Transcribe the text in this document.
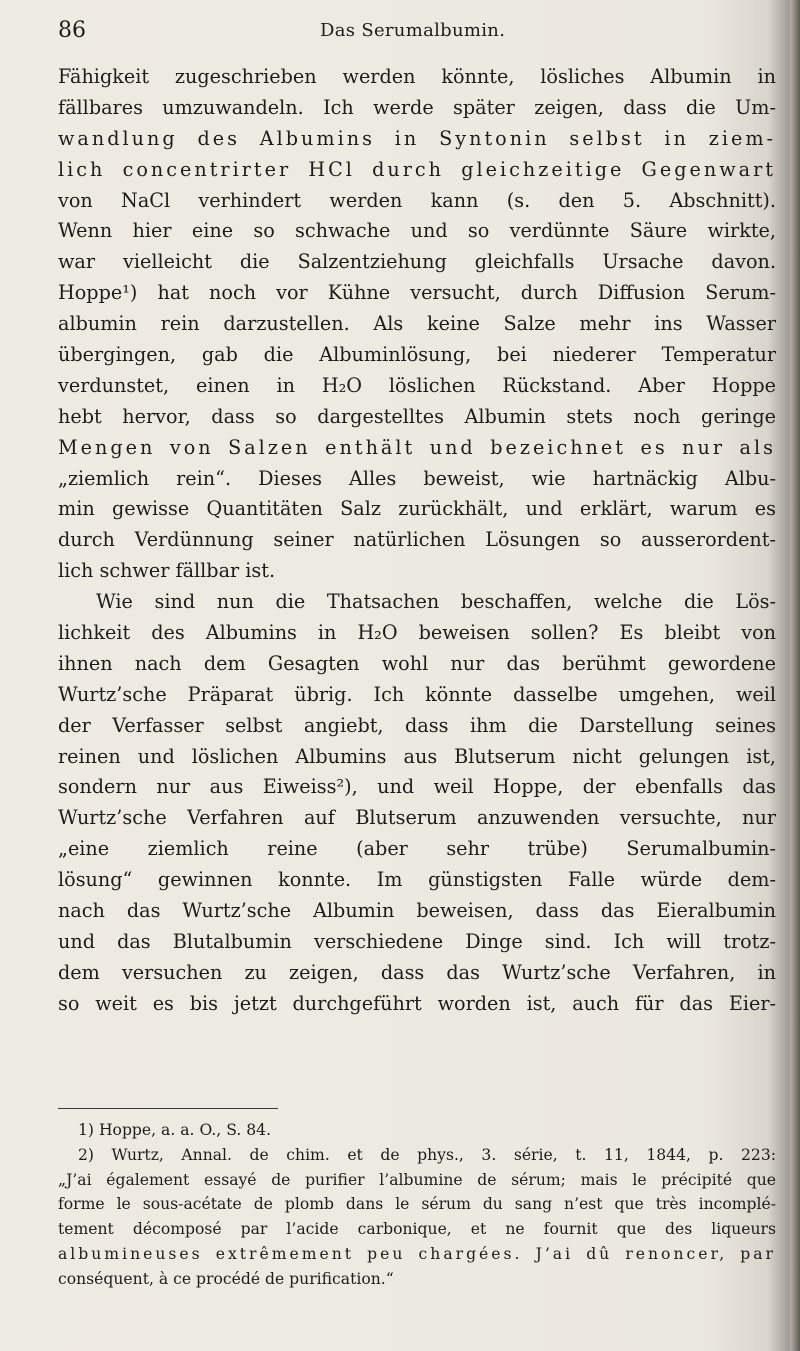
86	Das Serumalbumin.

Fähigkeit zugeschrieben werden könnte, lösliches Albumin in

fällbares umzuwandeln. Ich werde später zeigen, dass die Um-

wandlung des Albumins in Syntonin selbst in ziem-

lich concentrirter HCl durch gleichzeitige Gegenwart

von NaCl verhindert werden kann (s. den 5. Abschnitt).

Wenn hier eine so schwache und so verdünnte Säure wirkte,

war vielleicht die Salzentziehung gleichfalls Ursache davon.

Hoppe¹) hat noch vor Kühne versucht, durch Diffusion Serum-

albumin rein darzustellen. Als keine Salze mehr ins Wasser

übergingen, gab die Albuminlösung, bei niederer Temperatur

verdunstet, einen in H₂O löslichen Rückstand. Aber Hoppe

hebt hervor, dass so dargestelltes Albumin stets noch geringe

Mengen von Salzen enthält und bezeichnet es nur als

„ziemlich rein“. Dieses Alles beweist, wie hartnäckig Albu-

min gewisse Quantitäten Salz zurückhält, und erklärt, warum es

durch Verdünnung seiner natürlichen Lösungen so ausserordent-

lich schwer fällbar ist.

Wie sind nun die Thatsachen beschaffen, welche die Lös-

lichkeit des Albumins in H₂O beweisen sollen? Es bleibt von

ihnen nach dem Gesagten wohl nur das berühmt gewordene

Wurtz’sche Präparat übrig. Ich könnte dasselbe umgehen, weil

der Verfasser selbst angiebt, dass ihm die Darstellung seines

reinen und löslichen Albumins aus Blutserum nicht gelungen ist,

sondern nur aus Eiweiss²), und weil Hoppe, der ebenfalls das

Wurtz’sche Verfahren auf Blutserum anzuwenden versuchte, nur

„eine ziemlich reine (aber sehr trübe) Serumalbumin-

lösung“ gewinnen konnte. Im günstigsten Falle würde dem-

nach das Wurtz’sche Albumin beweisen, dass das Eieralbumin

und das Blutalbumin verschiedene Dinge sind. Ich will trotz-

dem versuchen zu zeigen, dass das Wurtz’sche Verfahren, in

so weit es bis jetzt durchgeführt worden ist, auch für das Eier-

1) Hoppe, a. a. O., S. 84.

2) Wurtz, Annal. de chim. et de phys., 3. série, t. 11, 1844, p. 223:

„J’ai également essayé de purifier l’albumine de sérum; mais le précipité que

forme le sous-acétate de plomb dans le sérum du sang n’est que très incomplé-

tement décomposé par l’acide carbonique, et ne fournit que des liqueurs

albumineuses extrêmement peu chargées. J’ai dû renoncer, par

conséquent, à ce procédé de purification.“
